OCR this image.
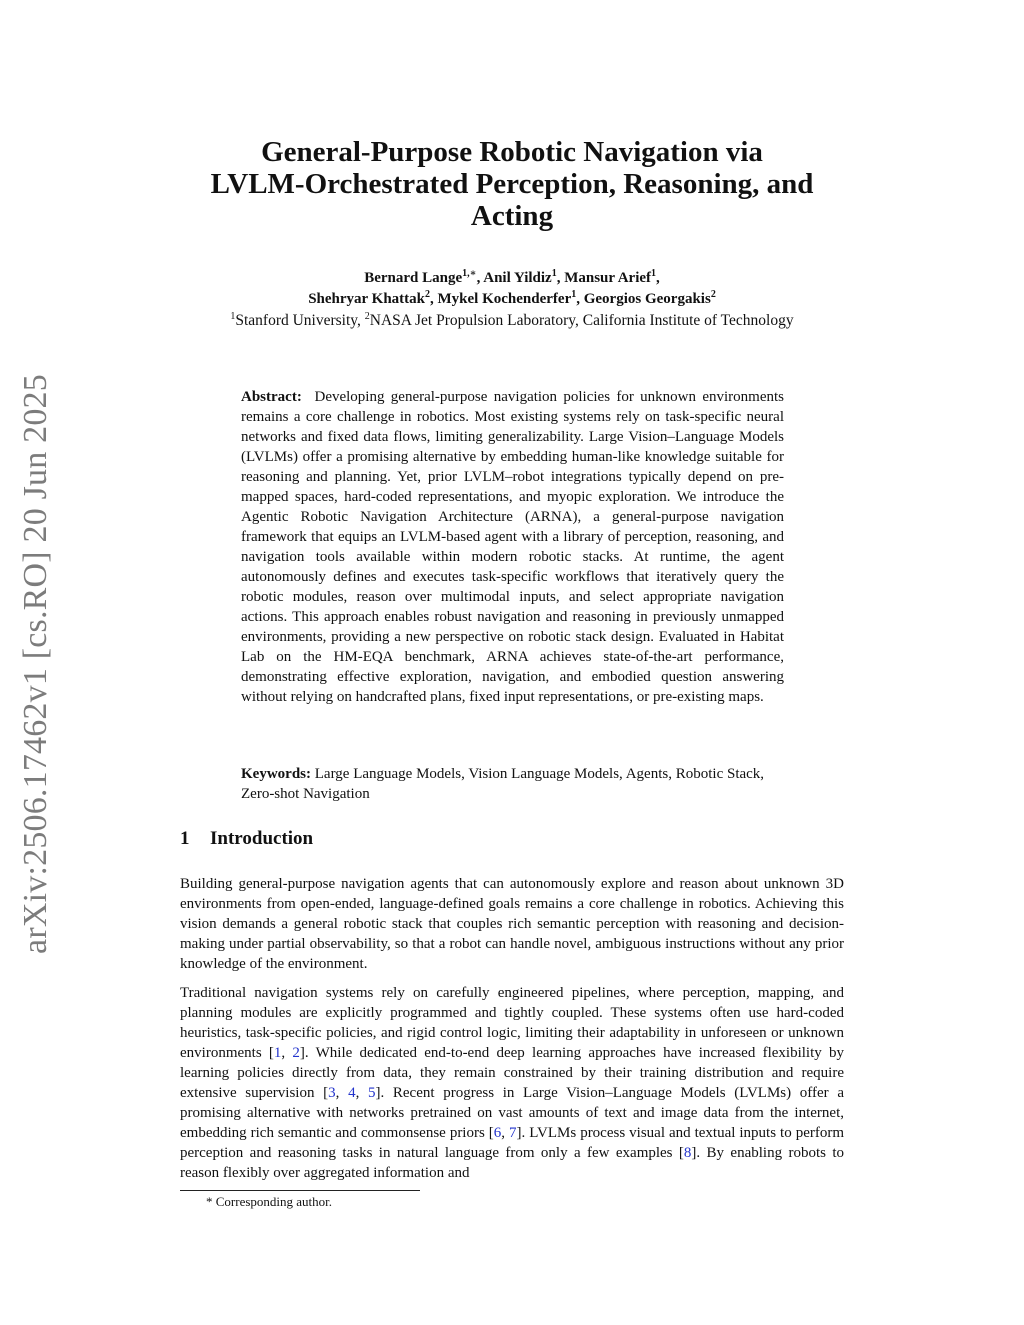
arXiv:2506.17462v1 [cs.RO] 20 Jun 2025
General-Purpose Robotic Navigation via
LVLM-Orchestrated Perception, Reasoning, and
Acting
Bernard Lange$^{1,∗}$, Anil Yildiz$^1$, Mansur Arief$^1$,
Shehryar Khattak$^2$, Mykel Kochenderfer$^1$, Georgios Georgakis$^2$
$^1$Stanford University, $^2$NASA Jet Propulsion Laboratory, California Institute of Technology
Abstract: Developing general-purpose navigation policies for unknown environments remains a core challenge in robotics. Most existing systems rely on task-specific neural networks and fixed data flows, limiting generalizability. Large Vision–Language Models (LVLMs) offer a promising alternative by embedding human-like knowledge suitable for reasoning and planning. Yet, prior LVLM–robot integrations typically depend on pre-mapped spaces, hard-coded representations, and myopic exploration. We introduce the Agentic Robotic Navigation Architecture (ARNA), a general-purpose navigation framework that equips an LVLM-based agent with a library of perception, reasoning, and navigation tools available within modern robotic stacks. At runtime, the agent autonomously defines and executes task-specific workflows that iteratively query the robotic modules, reason over multimodal inputs, and select appropriate navigation actions. This approach enables robust navigation and reasoning in previously unmapped environments, providing a new perspective on robotic stack design. Evaluated in Habitat Lab on the HM-EQA benchmark, ARNA achieves state-of-the-art performance, demonstrating effective exploration, navigation, and embodied question answering without relying on handcrafted plans, fixed input representations, or pre-existing maps.
Keywords: Large Language Models, Vision Language Models, Agents, Robotic Stack, Zero-shot Navigation
1 Introduction

Building general-purpose navigation agents that can autonomously explore and reason about unknown 3D environments from open-ended, language-defined goals remains a core challenge in robotics. Achieving this vision demands a general robotic stack that couples rich semantic perception with reasoning and decision-making under partial observability, so that a robot can handle novel, ambiguous instructions without any prior knowledge of the environment.

Traditional navigation systems rely on carefully engineered pipelines, where perception, mapping, and planning modules are explicitly programmed and tightly coupled. These systems often use hard-coded heuristics, task-specific policies, and rigid control logic, limiting their adaptability in unforeseen or unknown environments [1, 2]. While dedicated end-to-end deep learning approaches have increased flexibility by learning policies directly from data, they remain constrained by their training distribution and require extensive supervision [3, 4, 5]. Recent progress in Large Vision–Language Models (LVLMs) offer a promising alternative with networks pretrained on vast amounts of text and image data from the internet, embedding rich semantic and commonsense priors [6, 7]. LVLMs process visual and textual inputs to perform perception and reasoning tasks in natural language from only a few examples [8]. By enabling robots to reason flexibly over aggregated information and

* Corresponding author.
